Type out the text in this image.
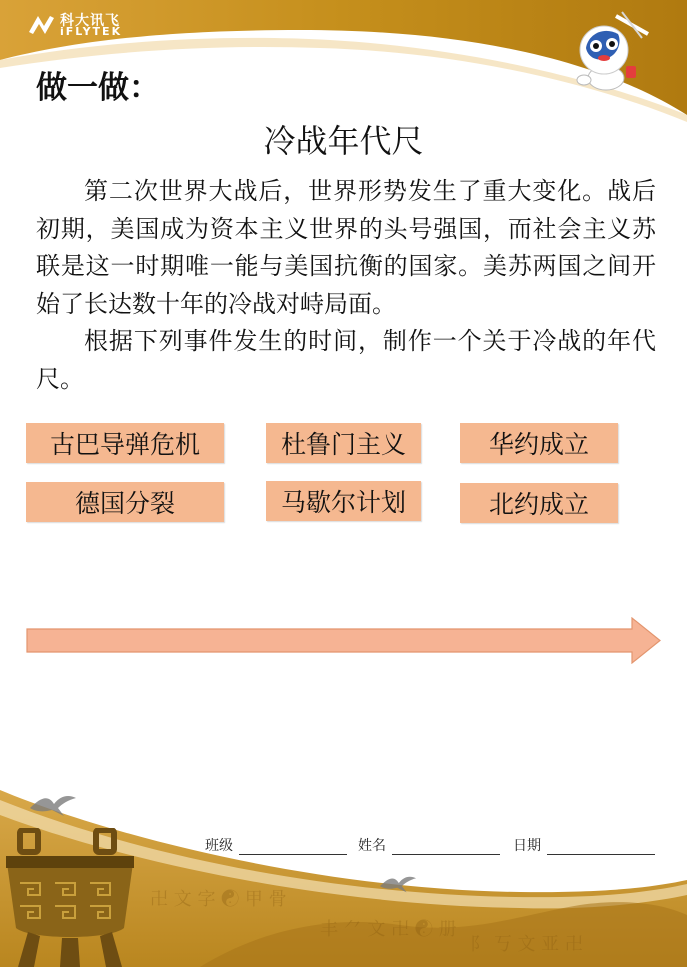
卍 文 字 ☯ 甲 骨
丰 ⺈ 文 卍 ☯ 册
⻖ 丂 文 亚 卍
科大讯飞
iFLYTEK
做一做：
冷战年代尺
第二次世界大战后，世界形势发生了重大变化。战后初期，美国成为资本主义世界的头号强国，而社会主义苏联是这一时期唯一能与美国抗衡的国家。美苏两国之间开始了长达数十年的冷战对峙局面。
根据下列事件发生的时间，制作一个关于冷战的年代尺。
古巴导弹危机	杜鲁门主义	华约成立
德国分裂	马歇尔计划	北约成立
班级	姓名	日期
